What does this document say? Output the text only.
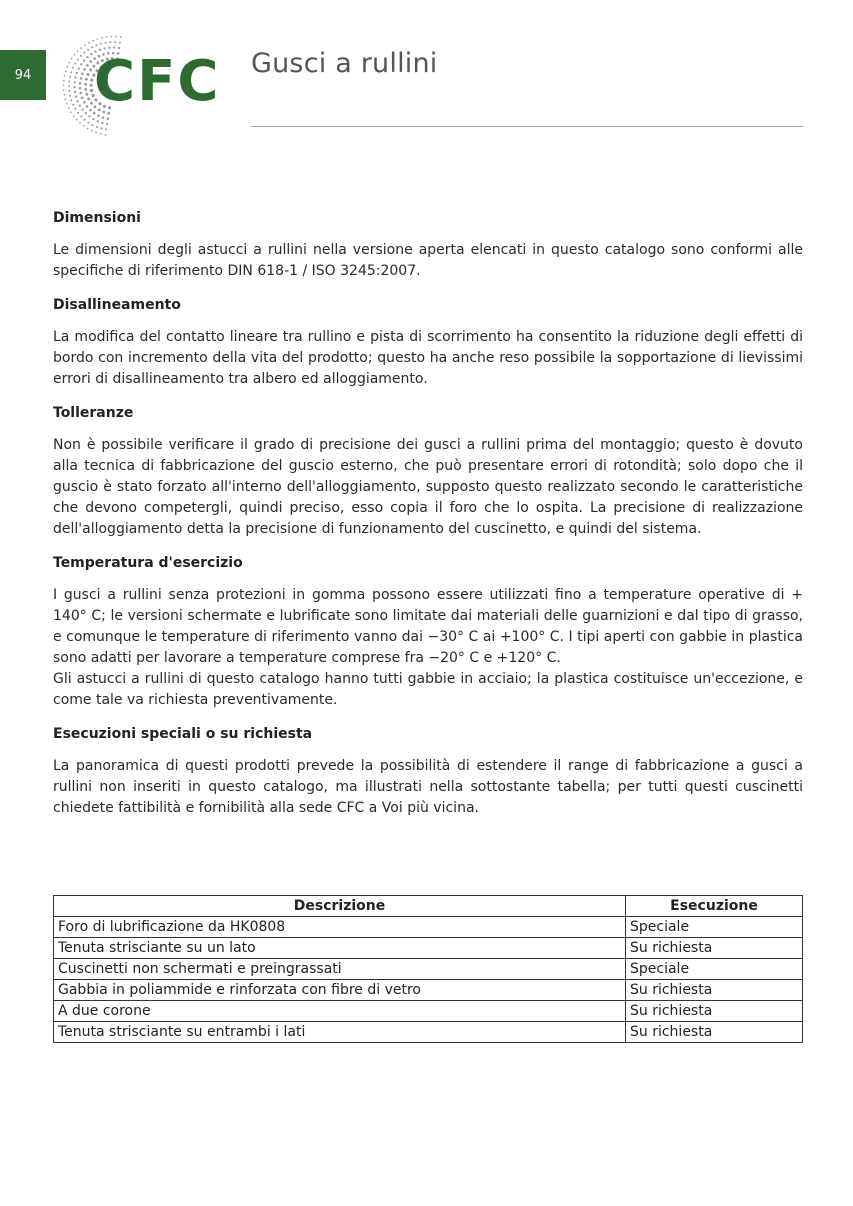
94 CFC Gusci a rullini
Dimensioni

Le dimensioni degli astucci a rullini nella versione aperta elencati in questo catalogo sono conformi alle specifiche di riferimento DIN 618-1 / ISO 3245:2007.

Disallineamento

La modifica del contatto lineare tra rullino e pista di scorrimento ha consentito la riduzione degli effetti di bordo con incremento della vita del prodotto; questo ha anche reso possibile la sopportazione di lievissimi errori di disallineamento tra albero ed alloggiamento.

Tolleranze

Non è possibile verificare il grado di precisione dei gusci a rullini prima del montaggio; questo è dovuto alla tecnica di fabbricazione del guscio esterno, che può presentare errori di rotondità; solo dopo che il guscio è stato forzato all'interno dell'alloggiamento, supposto questo realizzato secondo le caratteristiche che devono competergli, quindi preciso, esso copia il foro che lo ospita. La precisione di realizzazione dell'alloggiamento detta la precisione di funzionamento del cuscinetto, e quindi del sistema.

Temperatura d'esercizio

I gusci a rullini senza protezioni in gomma possono essere utilizzati fino a temperature operative di + 140° C; le versioni schermate e lubrificate sono limitate dai materiali delle guarnizioni e dal tipo di grasso, e comunque le temperature di riferimento vanno dai −30° C ai +100° C. I tipi aperti con gabbie in plastica sono adatti per lavorare a temperature comprese fra −20° C e +120° C.

Gli astucci a rullini di questo catalogo hanno tutti gabbie in acciaio; la plastica costituisce un'eccezione, e come tale va richiesta preventivamente.

Esecuzioni speciali o su richiesta

La panoramica di questi prodotti prevede la possibilità di estendere il range di fabbricazione a gusci a rullini non inseriti in questo catalogo, ma illustrati nella sottostante tabella; per tutti questi cuscinetti chiedete fattibilità e fornibilità alla sede CFC a Voi più vicina.

Descrizione	Esecuzione
Foro di lubrificazione da HK0808	Speciale
Tenuta strisciante su un lato	Su richiesta
Cuscinetti non schermati e preingrassati	Speciale
Gabbia in poliammide e rinforzata con fibre di vetro	Su richiesta
A due corone	Su richiesta
Tenuta strisciante su entrambi i lati	Su richiesta
